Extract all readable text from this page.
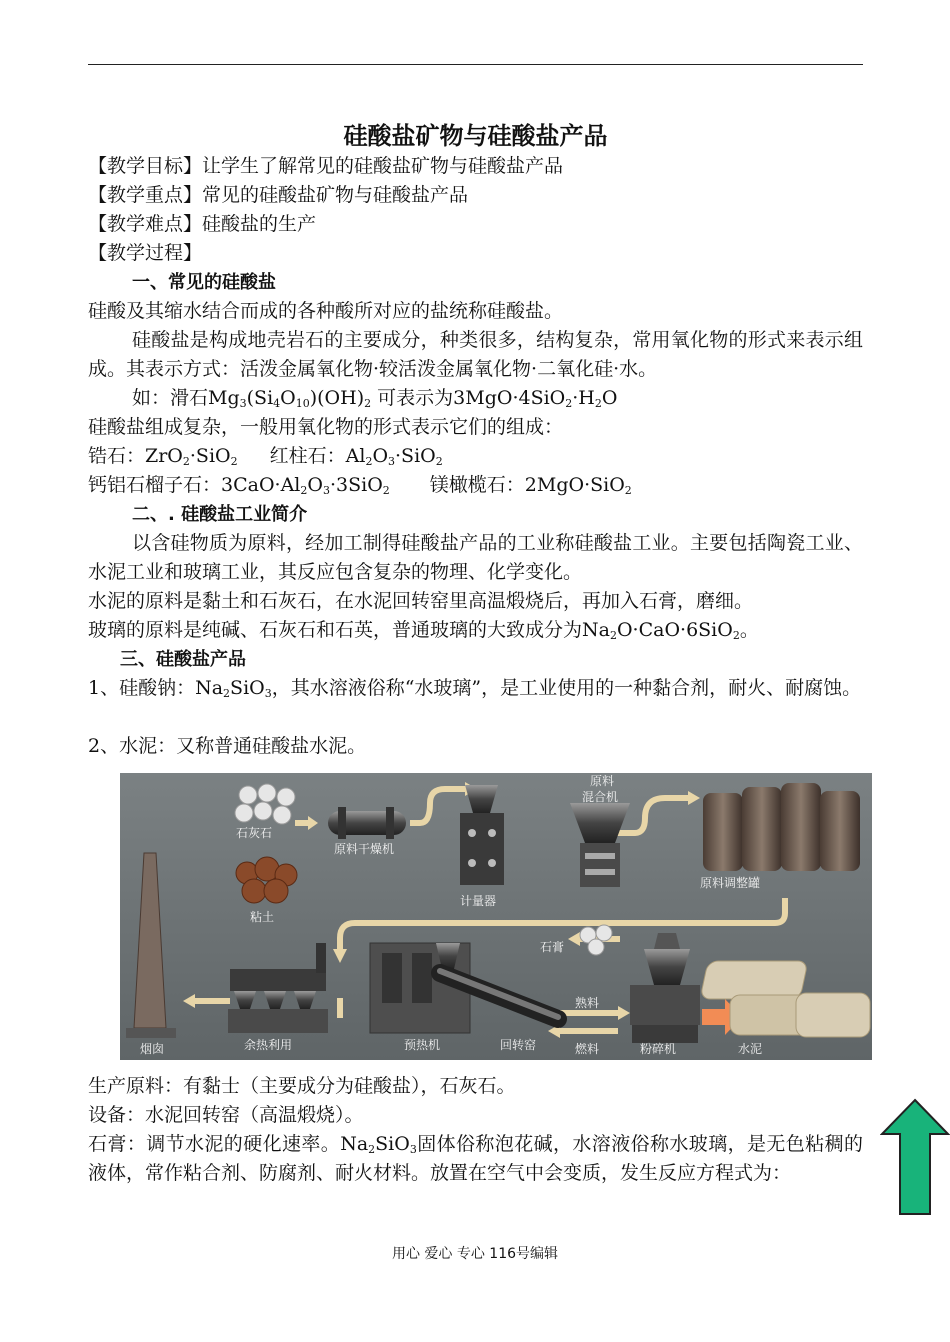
硅酸盐矿物与硅酸盐产品
【教学目标】让学生了解常见的硅酸盐矿物与硅酸盐产品
【教学重点】常见的硅酸盐矿物与硅酸盐产品
【教学难点】硅酸盐的生产
【教学过程】
一、常见的硅酸盐
硅酸及其缩水结合而成的各种酸所对应的盐统称硅酸盐。
硅酸盐是构成地壳岩石的主要成分，种类很多，结构复杂，常用氧化物的形式来表示组成。其表示方式：活泼金属氧化物·较活泼金属氧化物·二氧化硅·水。
如：滑石$Mg_3(Si_4O_{10})(OH)_2$ 可表示为$3MgO\cdot 4SiO_2\cdot H_2O$
硅酸盐组成复杂，一般用氧化物的形式表示它们的组成：
锆石：ZrO$_2$·SiO$_2$ 红柱石：$Al_2O_3\cdot SiO_2$
钙铝石榴子石：$3CaO\cdot Al_2O_3\cdot 3SiO_2$ 镁橄榄石：2MgO·SiO$_2$
二、. 硅酸盐工业简介
以含硅物质为原料，经加工制得硅酸盐产品的工业称硅酸盐工业。主要包括陶瓷工业、水泥工业和玻璃工业，其反应包含复杂的物理、化学变化。
水泥的原料是黏土和石灰石，在水泥回转窑里高温煅烧后，再加入石膏，磨细。
玻璃的原料是纯碱、石灰石和石英，普通玻璃的大致成分为$Na_2O\cdot CaO\cdot 6SiO_2$。
三、硅酸盐产品
1、硅酸钠：$Na_2SiO_3$，其水溶液俗称“水玻璃”，是工业使用的一种黏合剂，耐火、耐腐蚀。
2、水泥：又称普通硅酸盐水泥。
石灰石
原料干燥机
粘土
原料
混合机
计量器
原料调整罐
石膏
熟料
燃料
烟囱	余热利用	预热机	回转窑	粉碎机	水泥
生产原料：有黏士（主要成分为硅酸盐），石灰石。
设备：水泥回转窑（高温煅烧）。
石膏：调节水泥的硬化速率。$Na_2SiO_3$固体俗称泡花碱，水溶液俗称水玻璃，是无色粘稠的液体，常作粘合剂、防腐剂、耐火材料。放置在空气中会变质，发生反应方程式为：
用心 爱心 专心 116号编辑
